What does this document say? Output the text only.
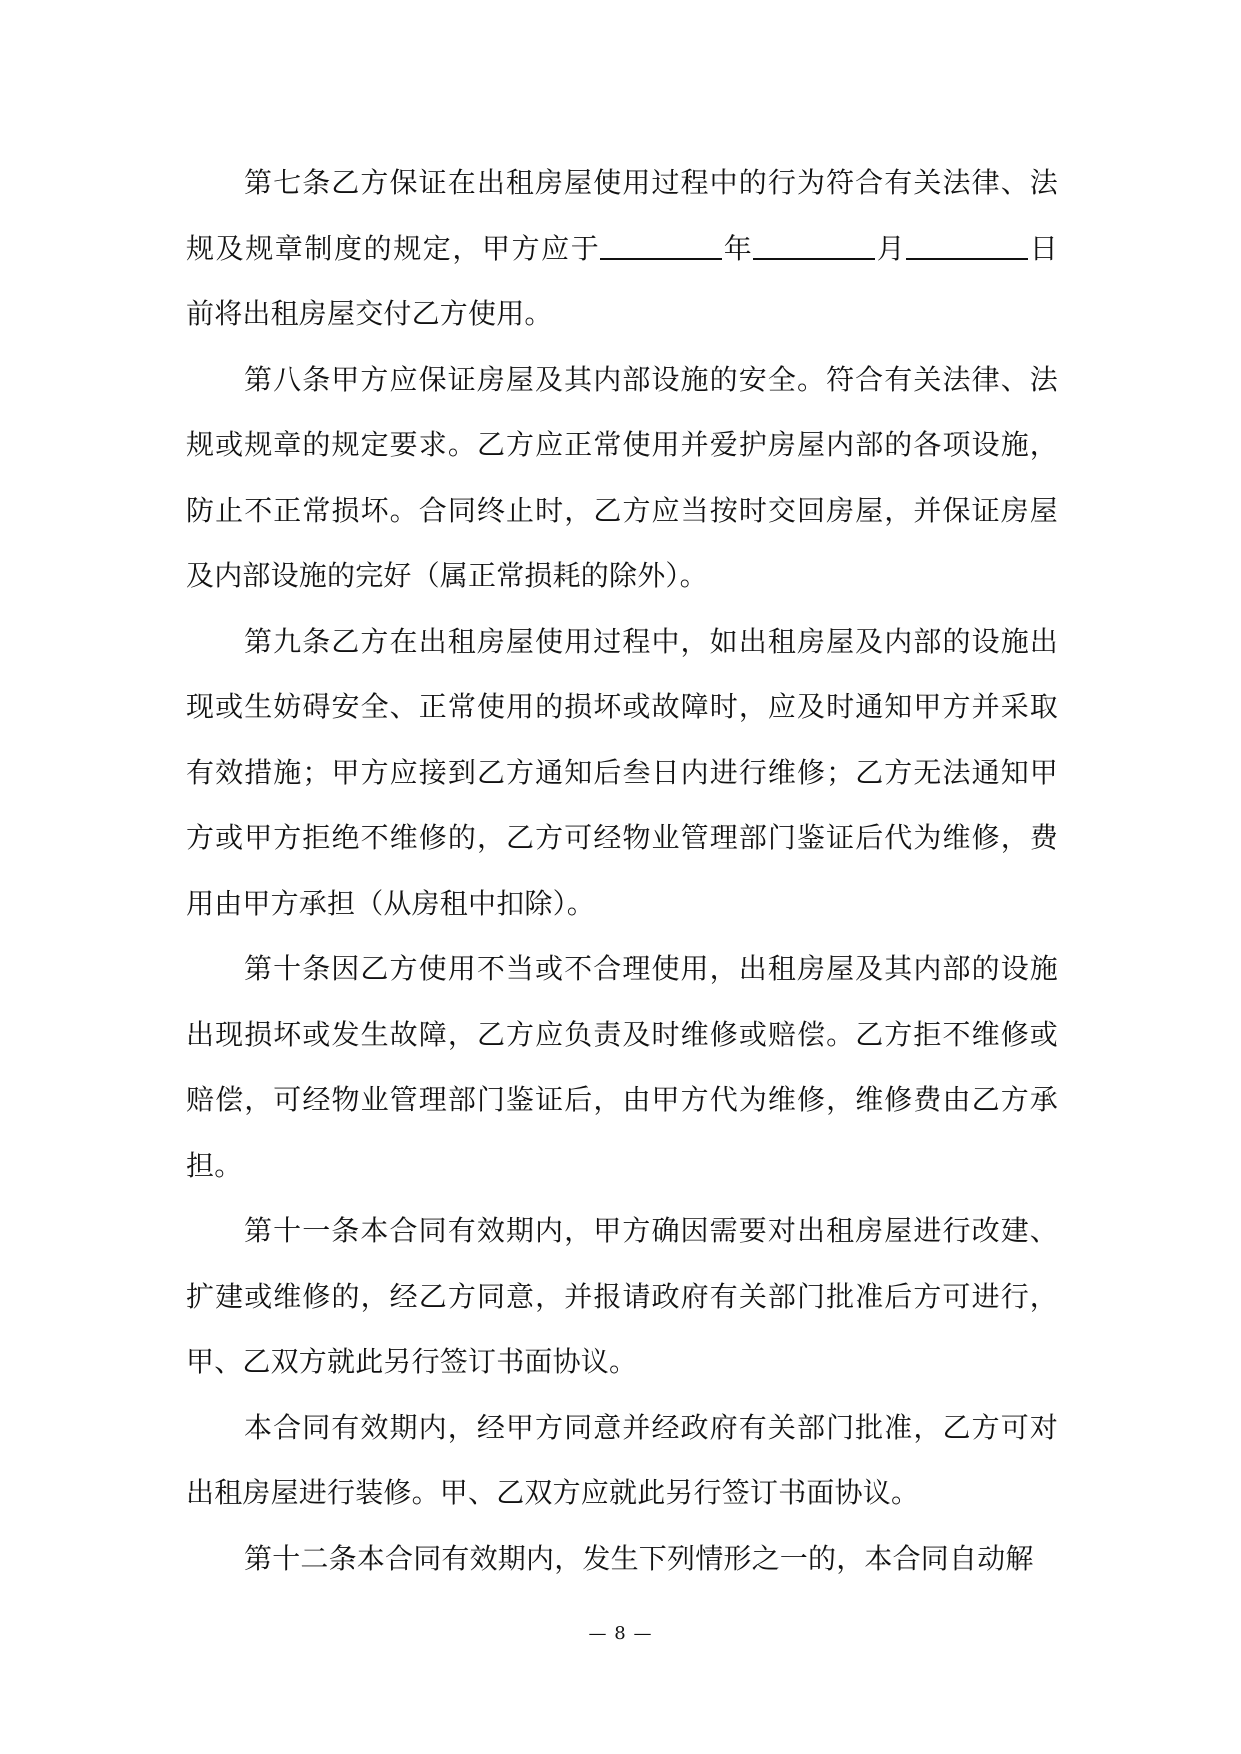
第七条乙方保证在出租房屋使用过程中的行为符合有关法律、法规及规章制度的规定，甲方应于	年	月	日前将出租房屋交付乙方使用。

第八条甲方应保证房屋及其内部设施的安全。符合有关法律、法规或规章的规定要求。乙方应正常使用并爱护房屋内部的各项设施，防止不正常损坏。合同终止时，乙方应当按时交回房屋，并保证房屋及内部设施的完好（属正常损耗的除外）。

第九条乙方在出租房屋使用过程中，如出租房屋及内部的设施出现或生妨碍安全、正常使用的损坏或故障时，应及时通知甲方并采取有效措施；甲方应接到乙方通知后叁日内进行维修；乙方无法通知甲方或甲方拒绝不维修的，乙方可经物业管理部门鉴证后代为维修，费用由甲方承担（从房租中扣除）。

第十条因乙方使用不当或不合理使用，出租房屋及其内部的设施出现损坏或发生故障，乙方应负责及时维修或赔偿。乙方拒不维修或赔偿，可经物业管理部门鉴证后，由甲方代为维修，维修费由乙方承担。

第十一条本合同有效期内，甲方确因需要对出租房屋进行改建、扩建或维修的，经乙方同意，并报请政府有关部门批准后方可进行，甲、乙双方就此另行签订书面协议。

本合同有效期内，经甲方同意并经政府有关部门批准，乙方可对出租房屋进行装修。甲、乙双方应就此另行签订书面协议。

第十二条本合同有效期内，发生下列情形之一的，本合同自动解

— 8 —
